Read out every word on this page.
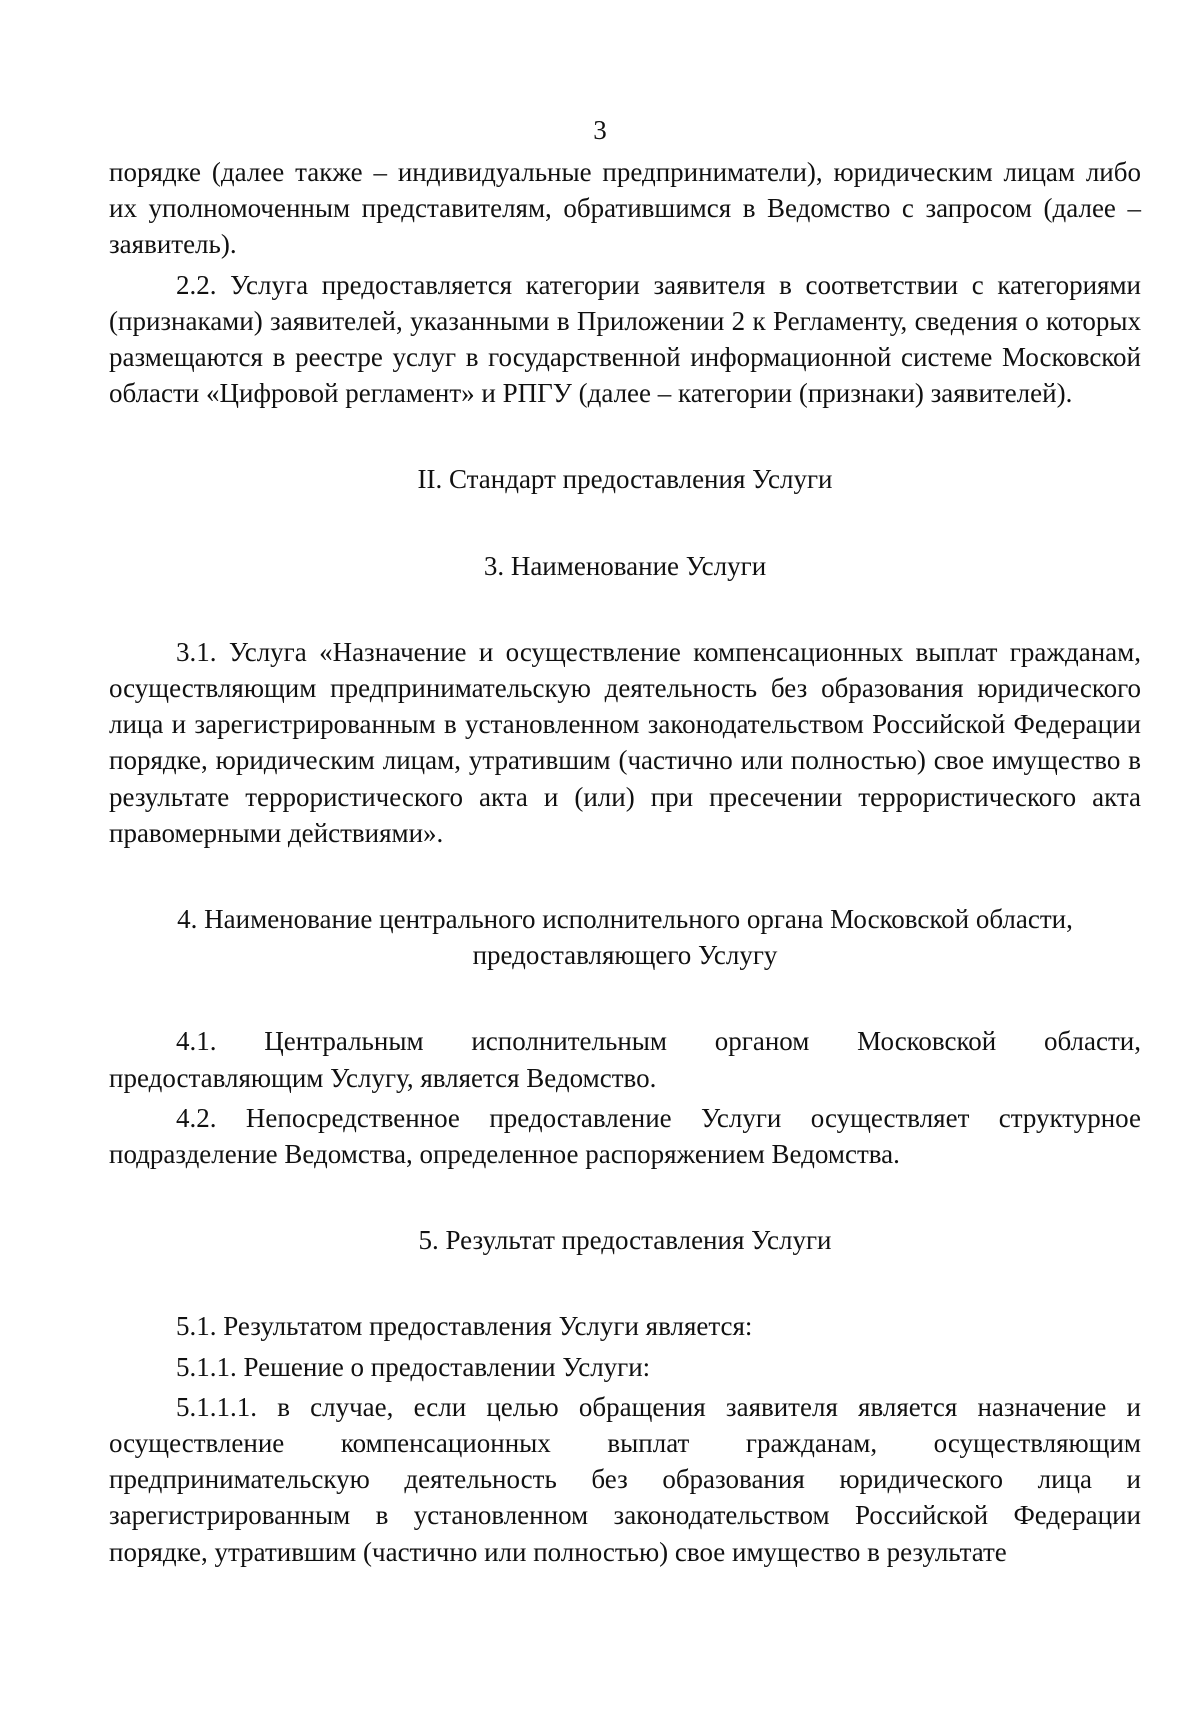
3

порядке (далее также – индивидуальные предприниматели), юридическим лицам либо их уполномоченным представителям, обратившимся в Ведомство с запросом (далее – заявитель).

2.2. Услуга предоставляется категории заявителя в соответствии с категориями (признаками) заявителей, указанными в Приложении 2 к Регламенту, сведения о которых размещаются в реестре услуг в государственной информационной системе Московской области «Цифровой регламент» и РПГУ (далее – категории (признаки) заявителей).

II. Стандарт предоставления Услуги

3. Наименование Услуги

3.1. Услуга «Назначение и осуществление компенсационных выплат гражданам, осуществляющим предпринимательскую деятельность без образования юридического лица и зарегистрированным в установленном законодательством Российской Федерации порядке, юридическим лицам, утратившим (частично или полностью) свое имущество в результате террористического акта и (или) при пресечении террористического акта правомерными действиями».

4. Наименование центрального исполнительного органа Московской области, предоставляющего Услугу

4.1. Центральным исполнительным органом Московской области, предоставляющим Услугу, является Ведомство.

4.2. Непосредственное предоставление Услуги осуществляет структурное подразделение Ведомства, определенное распоряжением Ведомства.

5. Результат предоставления Услуги

5.1. Результатом предоставления Услуги является:

5.1.1. Решение о предоставлении Услуги:

5.1.1.1. в случае, если целью обращения заявителя является назначение и осуществление компенсационных выплат гражданам, осуществляющим предпринимательскую деятельность без образования юридического лица и зарегистрированным в установленном законодательством Российской Федерации порядке, утратившим (частично или полностью) свое имущество в результате
